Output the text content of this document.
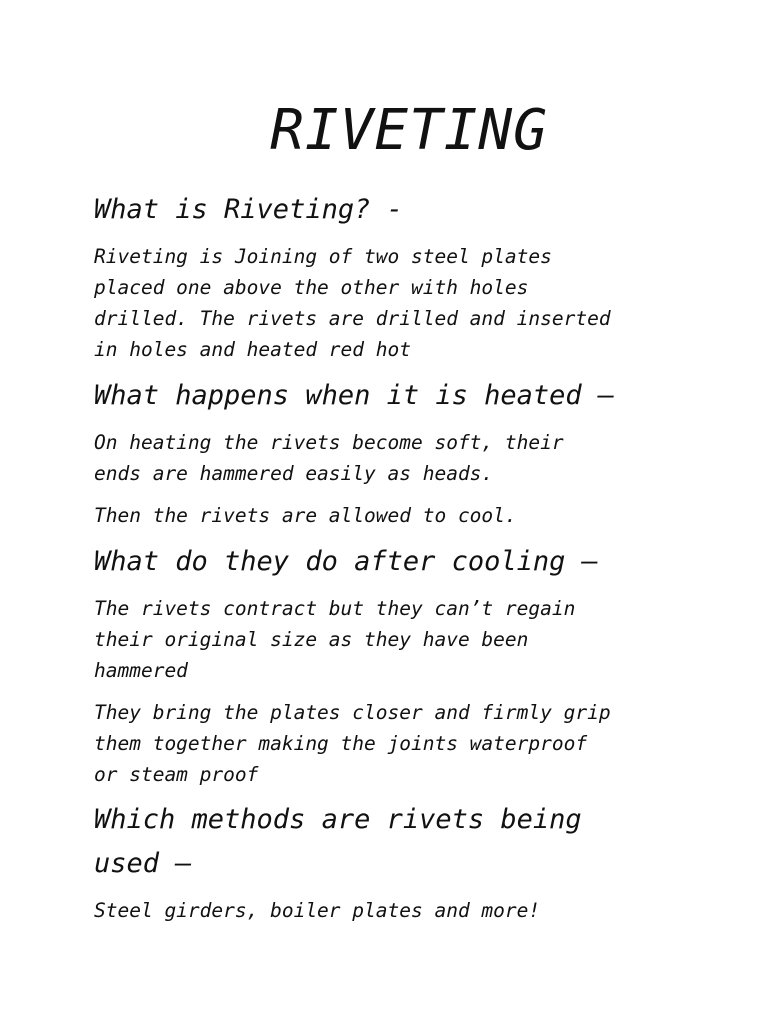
RIVETING
What is Riveting? -

Riveting is Joining of two steel plates
placed one above the other with holes
drilled. The rivets are drilled and inserted
in holes and heated red hot

What happens when it is heated –

On heating the rivets become soft, their
ends are hammered easily as heads.

Then the rivets are allowed to cool.

What do they do after cooling –

The rivets contract but they can’t regain
their original size as they have been
hammered

They bring the plates closer and firmly grip
them together making the joints waterproof
or steam proof

Which methods are rivets being
used –

Steel girders, boiler plates and more!
